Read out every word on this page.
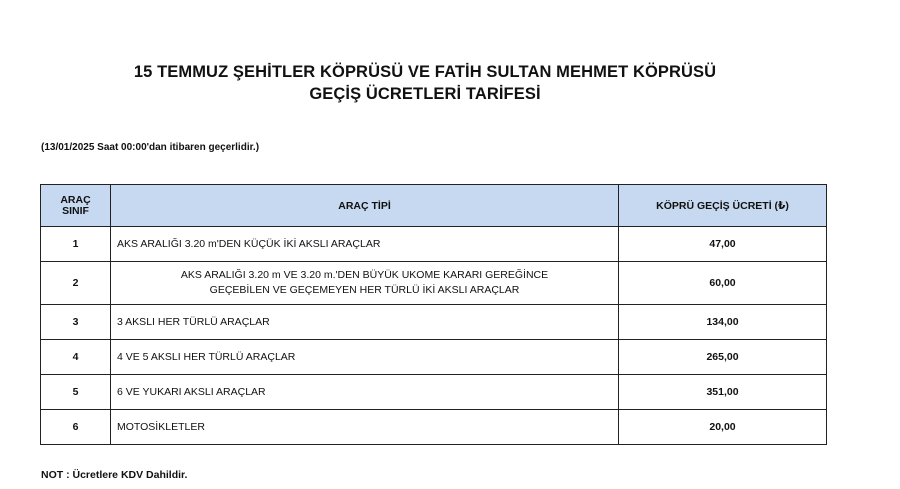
15 TEMMUZ ŞEHİTLER KÖPRÜSÜ VE FATİH SULTAN MEHMET KÖPRÜSÜ
GEÇİŞ ÜCRETLERİ TARİFESİ
(13/01/2025 Saat 00:00'dan itibaren geçerlidir.)
ARAÇ
SINIF	ARAÇ TİPİ	KÖPRÜ GEÇİŞ ÜCRETİ (₺)
1	AKS ARALIĞI 3.20 m'DEN KÜÇÜK İKİ AKSLI ARAÇLAR	47,00
2	AKS ARALIĞI 3.20 m VE 3.20 m.'DEN BÜYÜK UKOME KARARI GEREĞİNCE
GEÇEBİLEN VE GEÇEMEYEN HER TÜRLÜ İKİ AKSLI ARAÇLAR	60,00
3	3 AKSLI HER TÜRLÜ ARAÇLAR	134,00
4	4 VE 5 AKSLI HER TÜRLÜ ARAÇLAR	265,00
5	6 VE YUKARI AKSLI ARAÇLAR	351,00
6	MOTOSİKLETLER	20,00
NOT : Ücretlere KDV Dahildir.
